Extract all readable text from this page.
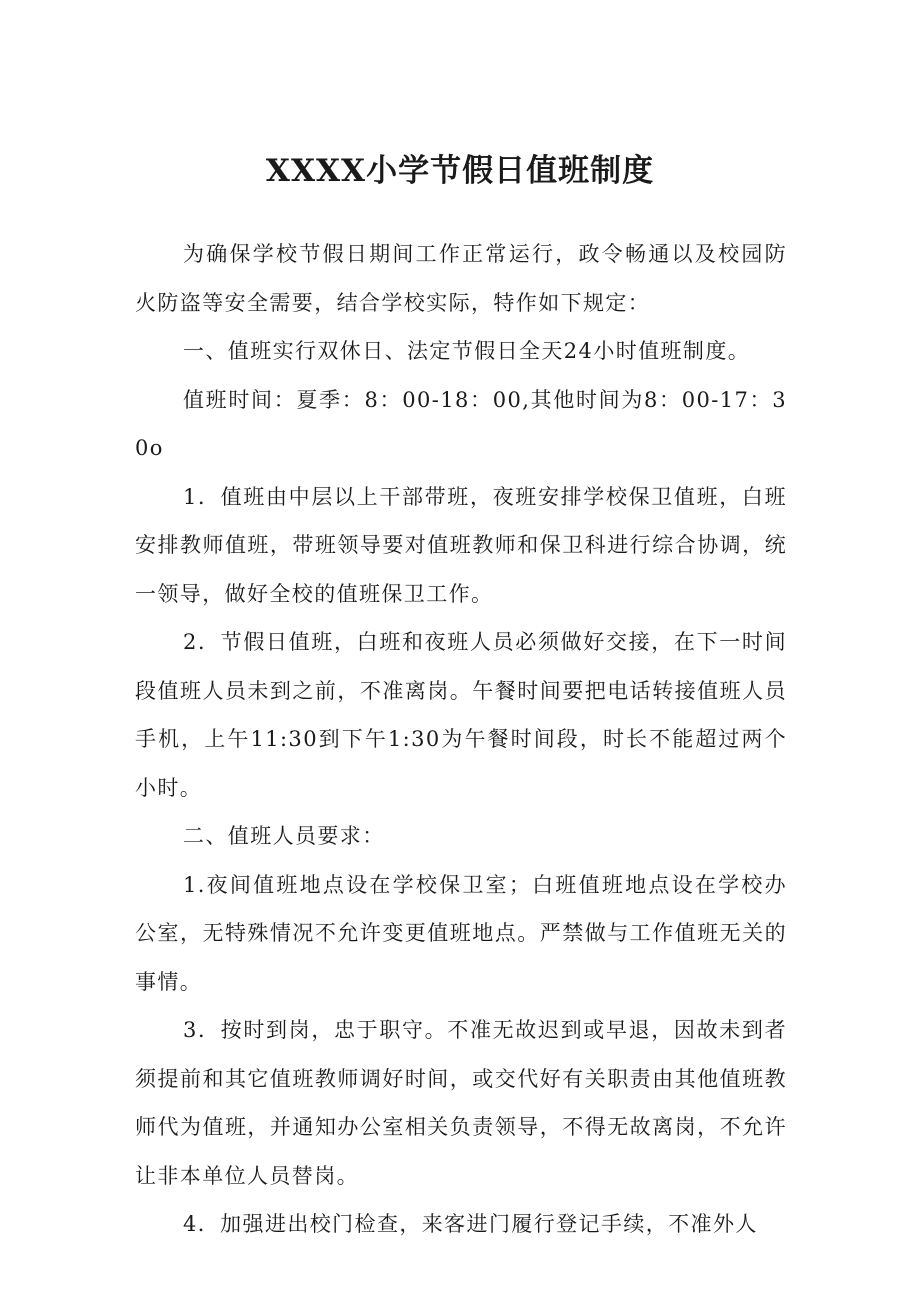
XXXX小学节假日值班制度

为确保学校节假日期间工作正常运行，政令畅通以及校园防火防盗等安全需要，结合学校实际，特作如下规定：

一、值班实行双休日、法定节假日全天24小时值班制度。

值班时间：夏季：8：00-18：00,其他时间为8：00-17：30o

1．值班由中层以上干部带班，夜班安排学校保卫值班，白班安排教师值班，带班领导要对值班教师和保卫科进行综合协调，统一领导，做好全校的值班保卫工作。

2．节假日值班，白班和夜班人员必须做好交接，在下一时间段值班人员未到之前，不准离岗。午餐时间要把电话转接值班人员手机，上午11:30到下午1:30为午餐时间段，时长不能超过两个小时。

二、值班人员要求：

1.夜间值班地点设在学校保卫室；白班值班地点设在学校办公室，无特殊情况不允许变更值班地点。严禁做与工作值班无关的事情。

3．按时到岗，忠于职守。不准无故迟到或早退，因故未到者须提前和其它值班教师调好时间，或交代好有关职责由其他值班教师代为值班，并通知办公室相关负责领导，不得无故离岗，不允许让非本单位人员替岗。

4．加强进出校门检查，来客进门履行登记手续，不准外人
